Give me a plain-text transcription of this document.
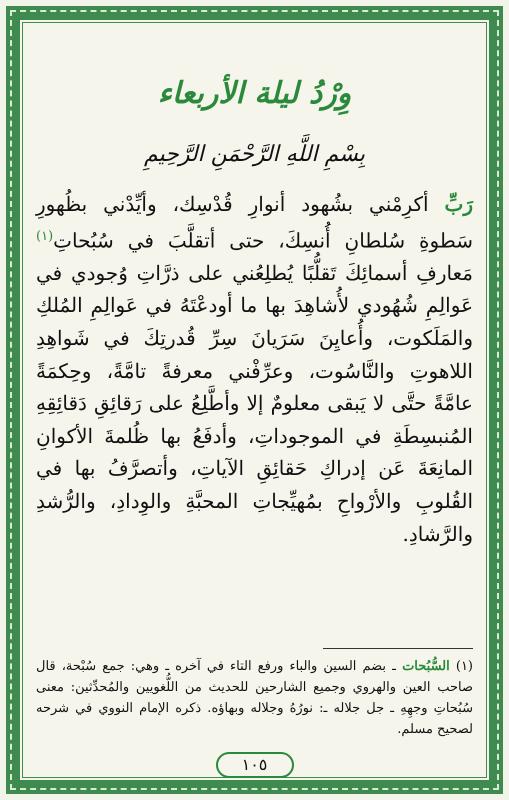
وِرْدُ ليلة الأربعاء
بِسْمِ اللَّهِ الرَّحْمَنِ الرَّحِيمِ
رَبِّ أكرِمْني بشُهود أنوارِ قُدْسِك، وأيِّدْني بظُهورِ سَطوةِ سُلطانِ أُنسِكَ، حتى أتقلَّبَ في سُبُحاتِ$^{(١)}$ مَعارفِ أسمائِكَ تَقلُّبًا يُطلِعُني على ذرَّاتِ وُجودي في عَوالِمِ شُهُودي لأُشاهِدَ بها ما أودعْتَهُ في عَوالِمِ المُلكِ والمَلَكوت، وأُعايِنَ سَرَيانَ سِرِّ قُدرتِكَ في شَواهِدِ اللاهوتِ والنَّاسُوت، وعرِّفْني معرفةً تامَّةً، وحِكمَةً عامَّةً حتَّى لا يَبقى معلومٌ إلا وأطَّلِعُ على رَقائِقِ دَقائِقِهِ المُنبسِطَةِ في الموجوداتِ، وأدفَعُ بها ظُلمةَ الأكوانِ المانِعَةَ عَن إدراكِ حَقائِقِ الآياتِ، وأتصرَّفُ بها في القُلوبِ والأرْواحِ بمُهيِّجاتِ المحبَّةِ والوِدادِ، والرُّشدِ والرَّشادِ.
(١) السُّبُحات ـ بضم السين والباء ورفع التاء في آخره ـ وهي: جمع سُبْحة، قال صاحب العين والهروي وجميع الشارحين للحديث من اللُّغويين والمُحدِّثين: معنى سُبُحاتِ وجهِهِ ـ جل جلاله ـ: نورُهُ وجلاله وبهاؤه. ذكره الإمام النووي في شرحه لصحيح مسلم.
١٠٥
